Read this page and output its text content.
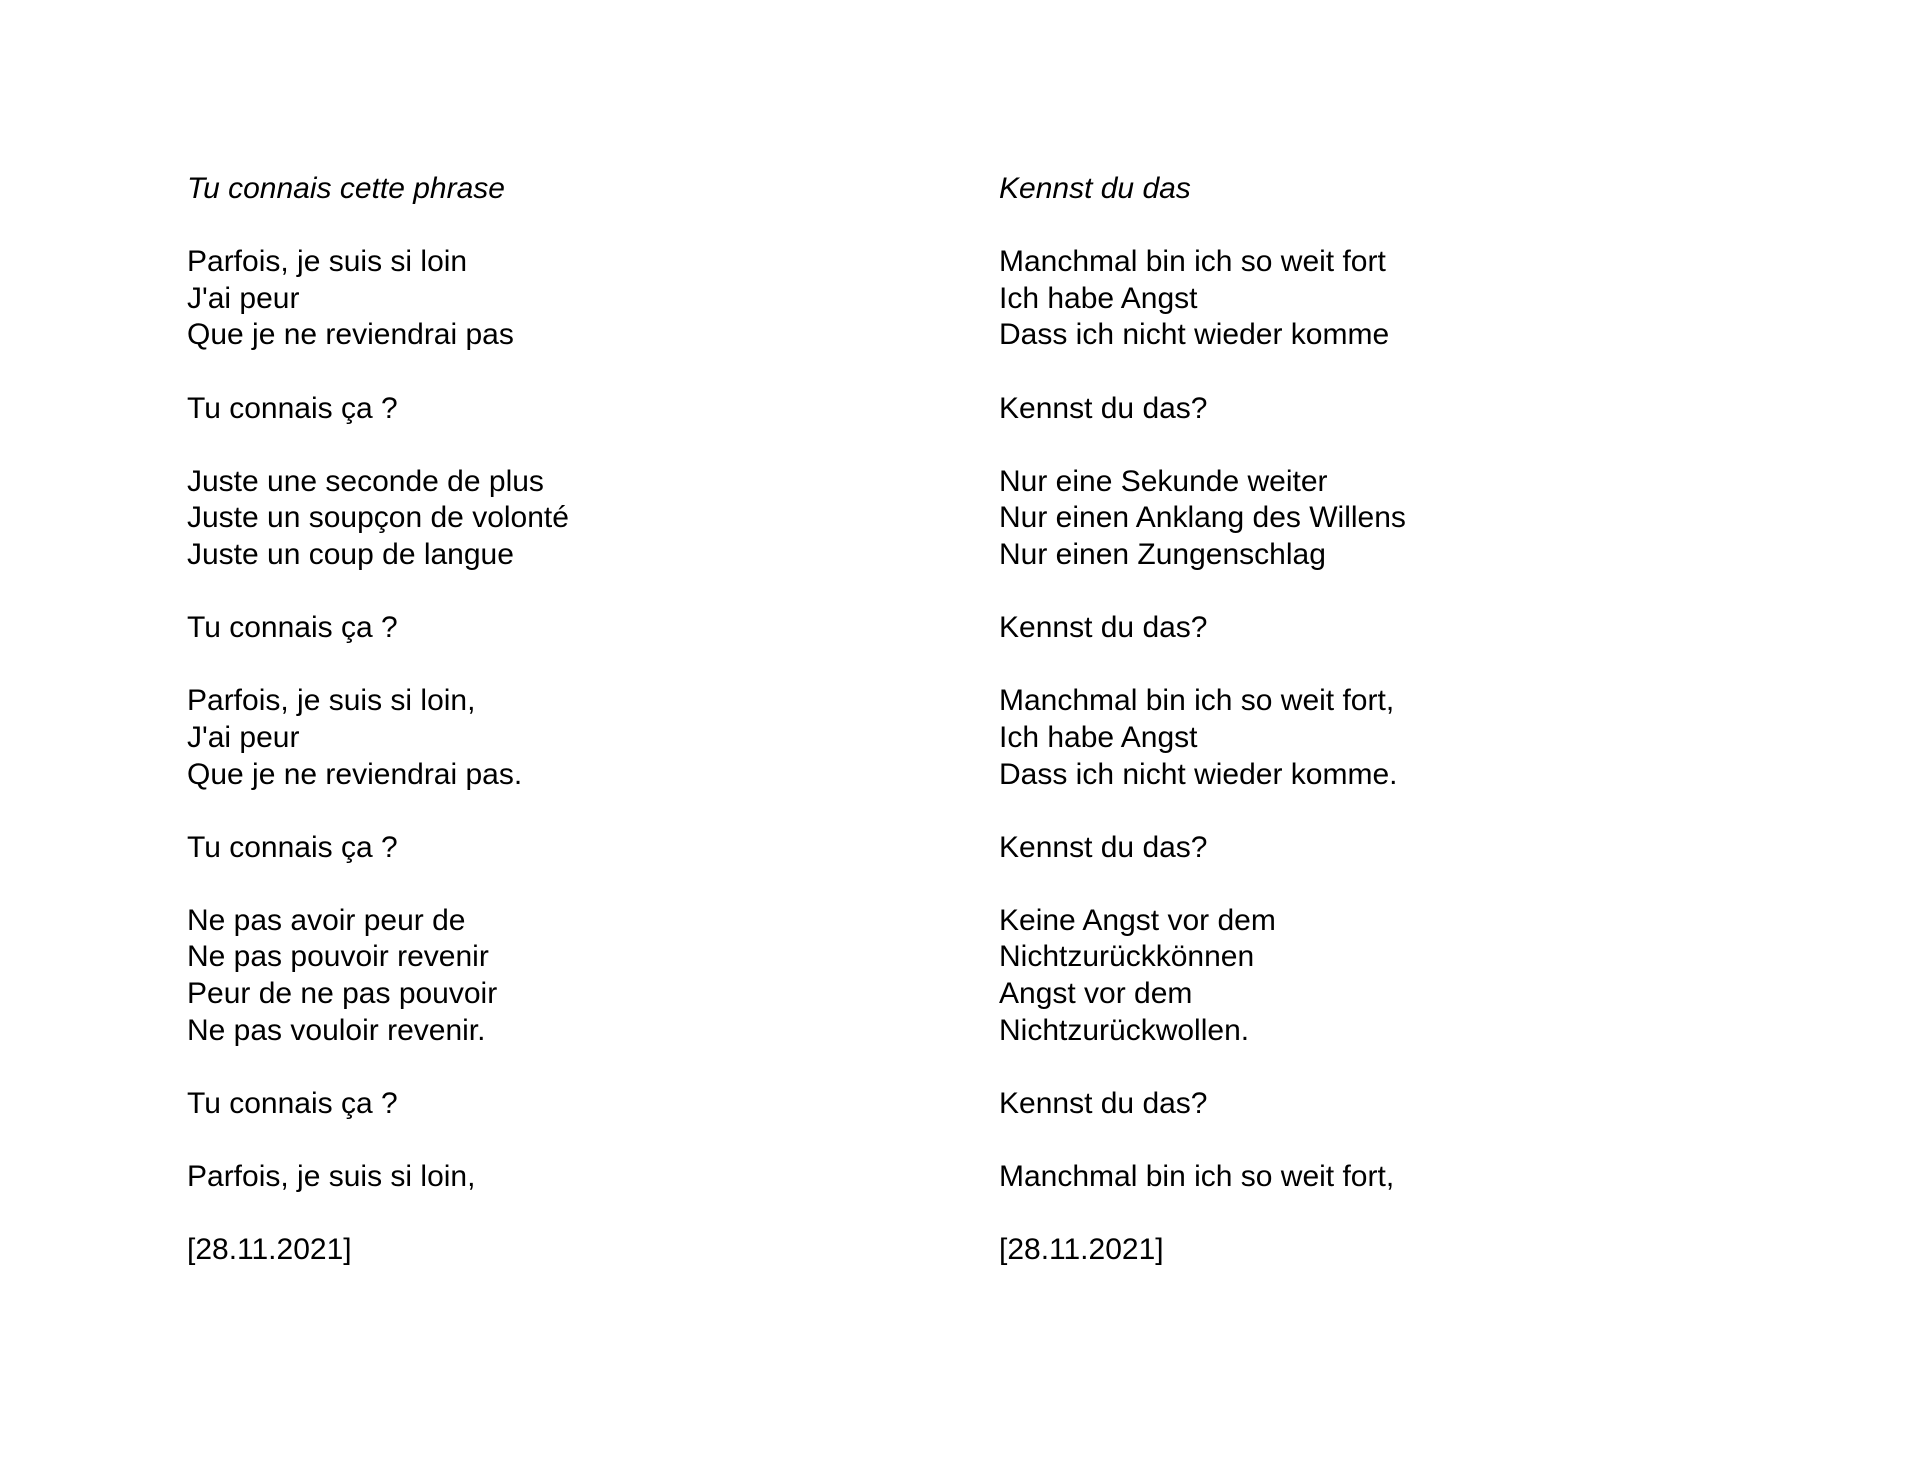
Tu connais cette phrase

Parfois, je suis si loin

J'ai peur

Que je ne reviendrai pas

Tu connais ça ?

Juste une seconde de plus

Juste un soupçon de volonté

Juste un coup de langue

Tu connais ça ?

Parfois, je suis si loin,

J'ai peur

Que je ne reviendrai pas.

Tu connais ça ?

Ne pas avoir peur de

Ne pas pouvoir revenir

Peur de ne pas pouvoir

Ne pas vouloir revenir.

Tu connais ça ?

Parfois, je suis si loin,

[28.11.2021]

Kennst du das

Manchmal bin ich so weit fort

Ich habe Angst

Dass ich nicht wieder komme

Kennst du das?

Nur eine Sekunde weiter

Nur einen Anklang des Willens

Nur einen Zungenschlag

Kennst du das?

Manchmal bin ich so weit fort,

Ich habe Angst

Dass ich nicht wieder komme.

Kennst du das?

Keine Angst vor dem

Nichtzurückkönnen

Angst vor dem

Nichtzurückwollen.

Kennst du das?

Manchmal bin ich so weit fort,

[28.11.2021]
